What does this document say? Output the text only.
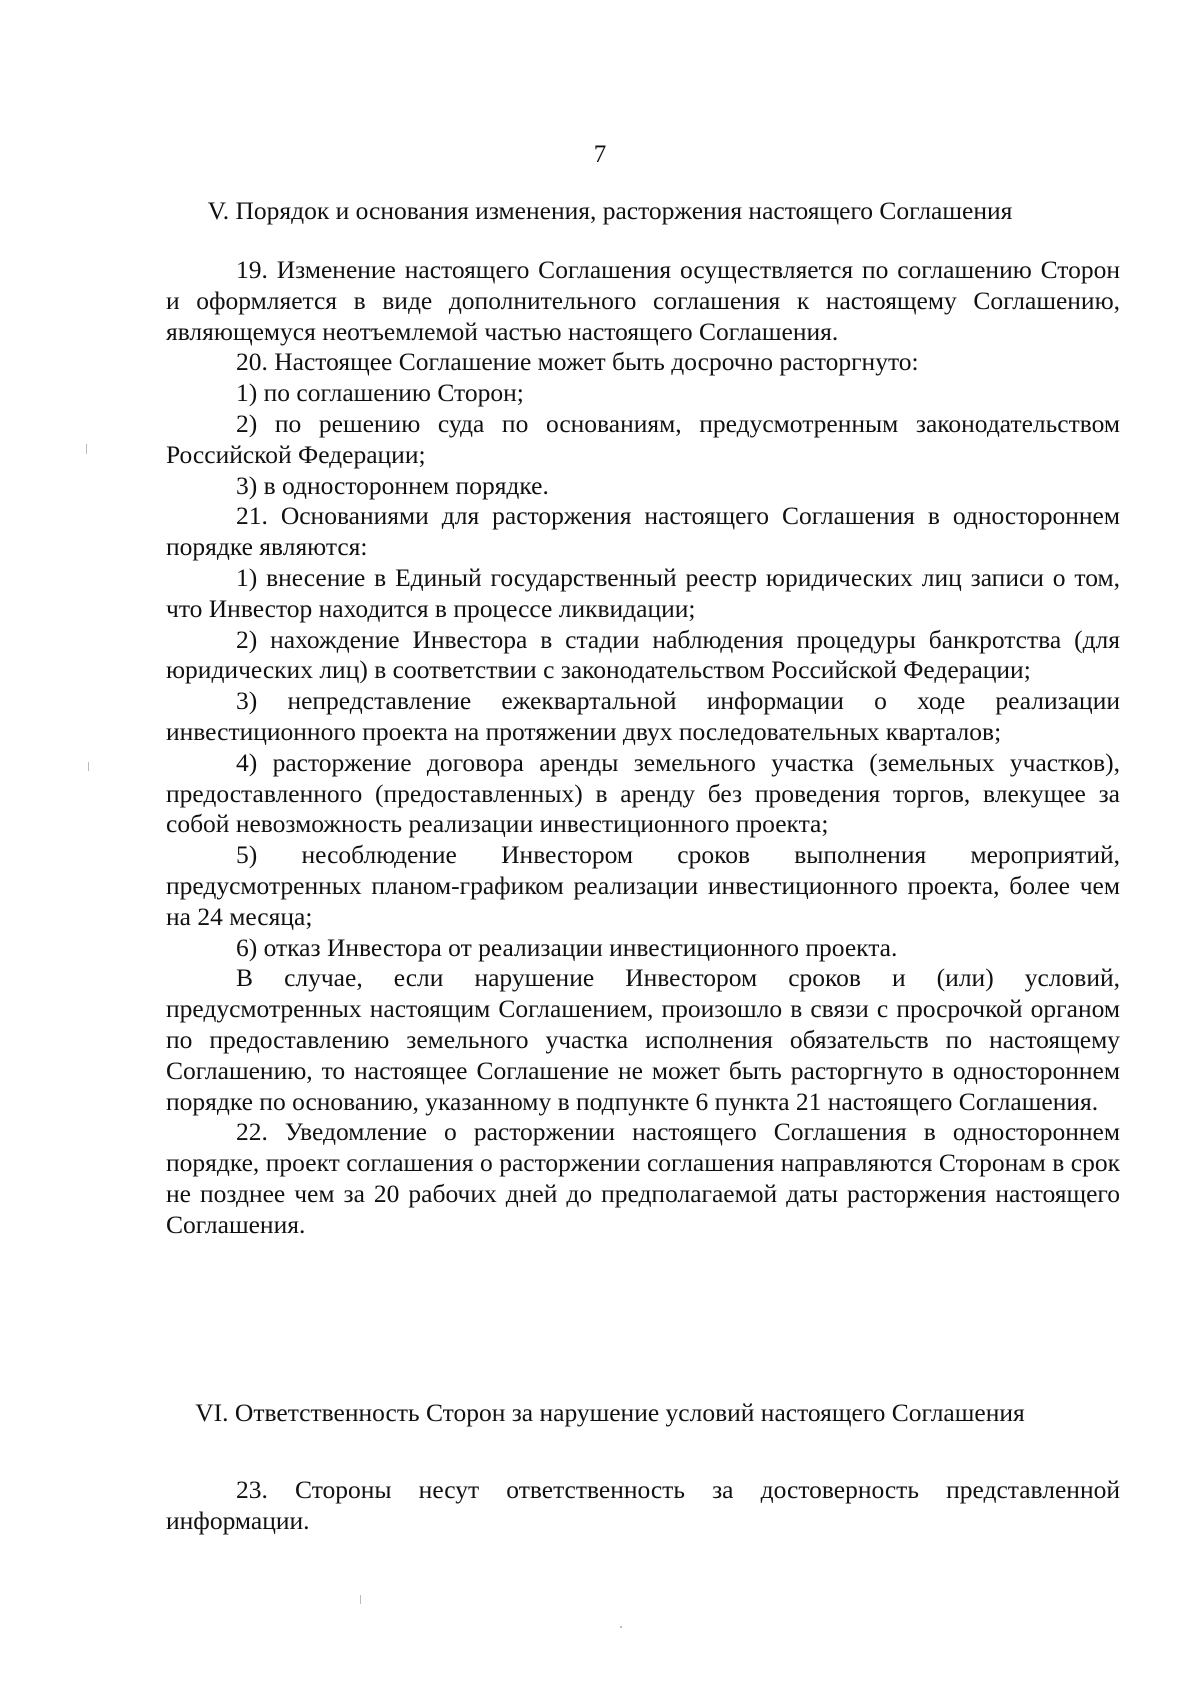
7
V. Порядок и основания изменения, расторжения настоящего Соглашения

19. Изменение настоящего Соглашения осуществляется по соглашению Сторон и оформляется в виде дополнительного соглашения к настоящему Соглашению, являющемуся неотъемлемой частью настоящего Соглашения.

20. Настоящее Соглашение может быть досрочно расторгнуто:

1) по соглашению Сторон;

2) по решению суда по основаниям, предусмотренным законодательством Российской Федерации;

3) в одностороннем порядке.

21. Основаниями для расторжения настоящего Соглашения в одностороннем порядке являются:

1) внесение в Единый государственный реестр юридических лиц записи о том, что Инвестор находится в процессе ликвидации;

2) нахождение Инвестора в стадии наблюдения процедуры банкротства (для юридических лиц) в соответствии с законодательством Российской Федерации;

3) непредставление ежеквартальной информации о ходе реализации инвестиционного проекта на протяжении двух последовательных кварталов;

4) расторжение договора аренды земельного участка (земельных участков), предоставленного (предоставленных) в аренду без проведения торгов, влекущее за собой невозможность реализации инвестиционного проекта;

5) несоблюдение Инвестором сроков выполнения мероприятий, предусмотренных планом-графиком реализации инвестиционного проекта, более чем на 24 месяца;

6) отказ Инвестора от реализации инвестиционного проекта.

В случае, если нарушение Инвестором сроков и (или) условий, предусмотренных настоящим Соглашением, произошло в связи с просрочкой органом по предоставлению земельного участка исполнения обязательств по настоящему Соглашению, то настоящее Соглашение не может быть расторгнуто в одностороннем порядке по основанию, указанному в подпункте 6 пункта 21 настоящего Соглашения.

22. Уведомление о расторжении настоящего Соглашения в одностороннем порядке, проект соглашения о расторжении соглашения направляются Сторонам в срок не позднее чем за 20 рабочих дней до предполагаемой даты расторжения настоящего Соглашения.

VI. Ответственность Сторон за нарушение условий настоящего Соглашения

23. Стороны несут ответственность за достоверность представленной информации.
